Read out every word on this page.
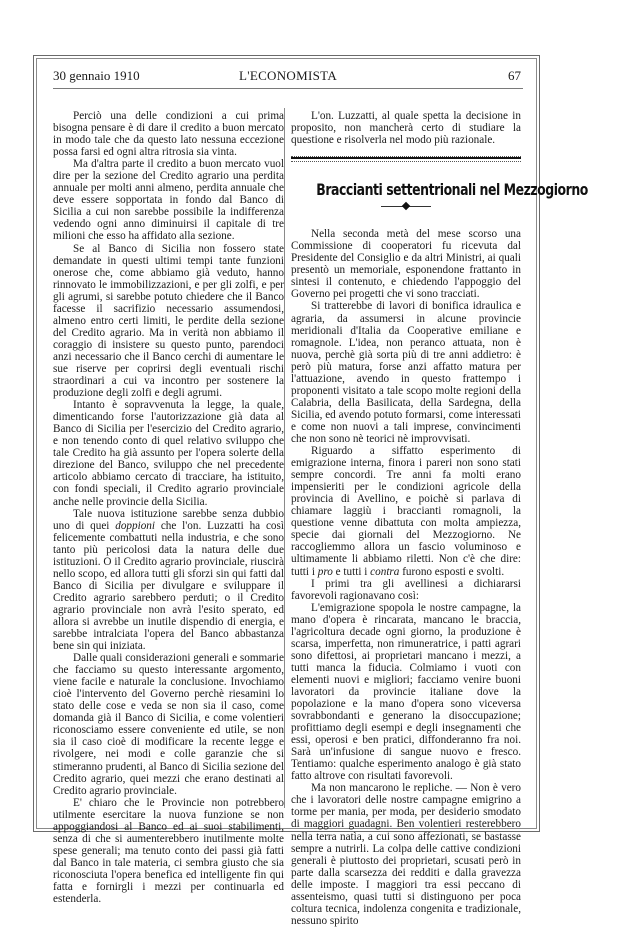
30 gennaio 1910	L'ECONOMISTA	67

Perciò una delle condizioni a cui prima bisogna pensare è di dare il credito a buon mercato in modo tale che da questo lato nessuna eccezione possa farsi ed ogni altra ritrosia sia vinta.

Ma d'altra parte il credito a buon mercato vuol dire per la sezione del Credito agrario una perdita annuale per molti anni almeno, perdita annuale che deve essere sopportata in fondo dal Banco di Sicilia a cui non sarebbe possibile la indifferenza vedendo ogni anno diminuirsi il capitale di tre milioni che esso ha affidato alla sezione.

Se al Banco di Sicilia non fossero state demandate in questi ultimi tempi tante funzioni onerose che, come abbiamo già veduto, hanno rinnovato le immobilizzazioni, e per gli zolfi, e per gli agrumi, si sarebbe potuto chiedere che il Banco facesse il sacrifizio necessario assumendosi, almeno entro certi limiti, le perdite della sezione del Credito agrario. Ma in verità non abbiamo il coraggio di insistere su questo punto, parendoci anzi necessario che il Banco cerchi di aumentare le sue riserve per coprirsi degli eventuali rischi straordinari a cui va incontro per sostenere la produzione degli zolfi e degli agrumi.

Intanto è sopravvenuta la legge, la quale, dimenticando forse l'autorizzazione già data al Banco di Sicilia per l'esercizio del Credito agrario, e non tenendo conto di quel relativo sviluppo che tale Credito ha già assunto per l'opera solerte della direzione del Banco, sviluppo che nel precedente articolo abbiamo cercato di tracciare, ha istituito, con fondi speciali, il Credito agrario provinciale anche nelle provincie della Sicilia.

Tale nuova istituzione sarebbe senza dubbio uno di quei doppioni che l'on. Luzzatti ha così felicemente combattuti nella industria, e che sono tanto più pericolosi data la natura delle due istituzioni. O il Credito agrario provinciale, riuscirà nello scopo, ed allora tutti gli sforzi sin qui fatti dal Banco di Sicilia per divulgare e sviluppare il Credito agrario sarebbero perduti; o il Credito agrario provinciale non avrà l'esito sperato, ed allora si avrebbe un inutile dispendio di energia, e sarebbe intralciata l'opera del Banco abbastanza bene sin qui iniziata.

Dalle quali considerazioni generali e sommarie che facciamo su questo interessante argomento, viene facile e naturale la conclusione. Invochiamo cioè l'intervento del Governo perchè riesamini lo stato delle cose e veda se non sia il caso, come domanda già il Banco di Sicilia, e come volentieri riconosciamo essere conveniente ed utile, se non sia il caso cioè di modificare la recente legge e rivolgere, nei modi e colle garanzie che si stimeranno prudenti, al Banco di Sicilia sezione del Credito agrario, quei mezzi che erano destinati al Credito agrario provinciale.

E' chiaro che le Provincie non potrebbero utilmente esercitare la nuova funzione se non appoggiandosi al Banco ed ai suoi stabilimenti, senza di che si aumenterebbero inutilmente molte spese generali; ma tenuto conto dei passi già fatti dal Banco in tale materia, ci sembra giusto che sia riconosciuta l'opera benefica ed intelligente fin qui fatta e fornirgli i mezzi per continuarla ed estenderla.

L'on. Luzzatti, al quale spetta la decisione in proposito, non mancherà certo di studiare la questione e risolverla nel modo più razionale.

Braccianti settentrionali nel Mezzogiorno

Nella seconda metà del mese scorso una Commissione di cooperatori fu ricevuta dal Presidente del Consiglio e da altri Ministri, ai quali presentò un memoriale, esponendone frattanto in sintesi il contenuto, e chiedendo l'appoggio del Governo pei progetti che vi sono tracciati.

Si tratterebbe di lavori di bonifica idraulica e agraria, da assumersi in alcune provincie meridionali d'Italia da Cooperative emiliane e romagnole. L'idea, non peranco attuata, non è nuova, perchè già sorta più di tre anni addietro: è però più matura, forse anzi affatto matura per l'attuazione, avendo in questo frattempo i proponenti visitato a tale scopo molte regioni della Calabria, della Basilicata, della Sardegna, della Sicilia, ed avendo potuto formarsi, come interessati e come non nuovi a tali imprese, convincimenti che non sono nè teorici nè improvvisati.

Riguardo a siffatto esperimento di emigrazione interna, finora i pareri non sono stati sempre concordi. Tre anni fa molti erano impensieriti per le condizioni agricole della provincia di Avellino, e poichè si parlava di chiamare laggiù i braccianti romagnoli, la questione venne dibattuta con molta ampiezza, specie dai giornali del Mezzogiorno. Ne raccogliemmo allora un fascio voluminoso e ultimamente li abbiamo riletti. Non c'è che dire: tutti i pro e tutti i contra furono esposti e svolti.

I primi tra gli avellinesi a dichiararsi favorevoli ragionavano così:

L'emigrazione spopola le nostre campagne, la mano d'opera è rincarata, mancano le braccia, l'agricoltura decade ogni giorno, la produzione è scarsa, imperfetta, non rimuneratrice, i patti agrari sono difettosi, ai proprietari mancano i mezzi, a tutti manca la fiducia. Colmiamo i vuoti con elementi nuovi e migliori; facciamo venire buoni lavoratori da provincie italiane dove la popolazione e la mano d'opera sono viceversa sovrabbondanti e generano la disoccupazione; profittiamo degli esempi e degli insegnamenti che essi, operosi e ben pratici, diffonderanno fra noi. Sarà un'infusione di sangue nuovo e fresco. Tentiamo: qualche esperimento analogo è già stato fatto altrove con risultati favorevoli.

Ma non mancarono le repliche. — Non è vero che i lavoratori delle nostre campagne emigrino a torme per mania, per moda, per desiderio smodato di maggiori guadagni. Ben volentieri resterebbero nella terra natìa, a cui sono affezionati, se bastasse sempre a nutrirli. La colpa delle cattive condizioni generali è piuttosto dei proprietari, scusati però in parte dalla scarsezza dei redditi e dalla gravezza delle imposte. I maggiori tra essi peccano di assenteismo, quasi tutti si distinguono per poca coltura tecnica, indolenza congenita e tradizionale, nessuno spirito
